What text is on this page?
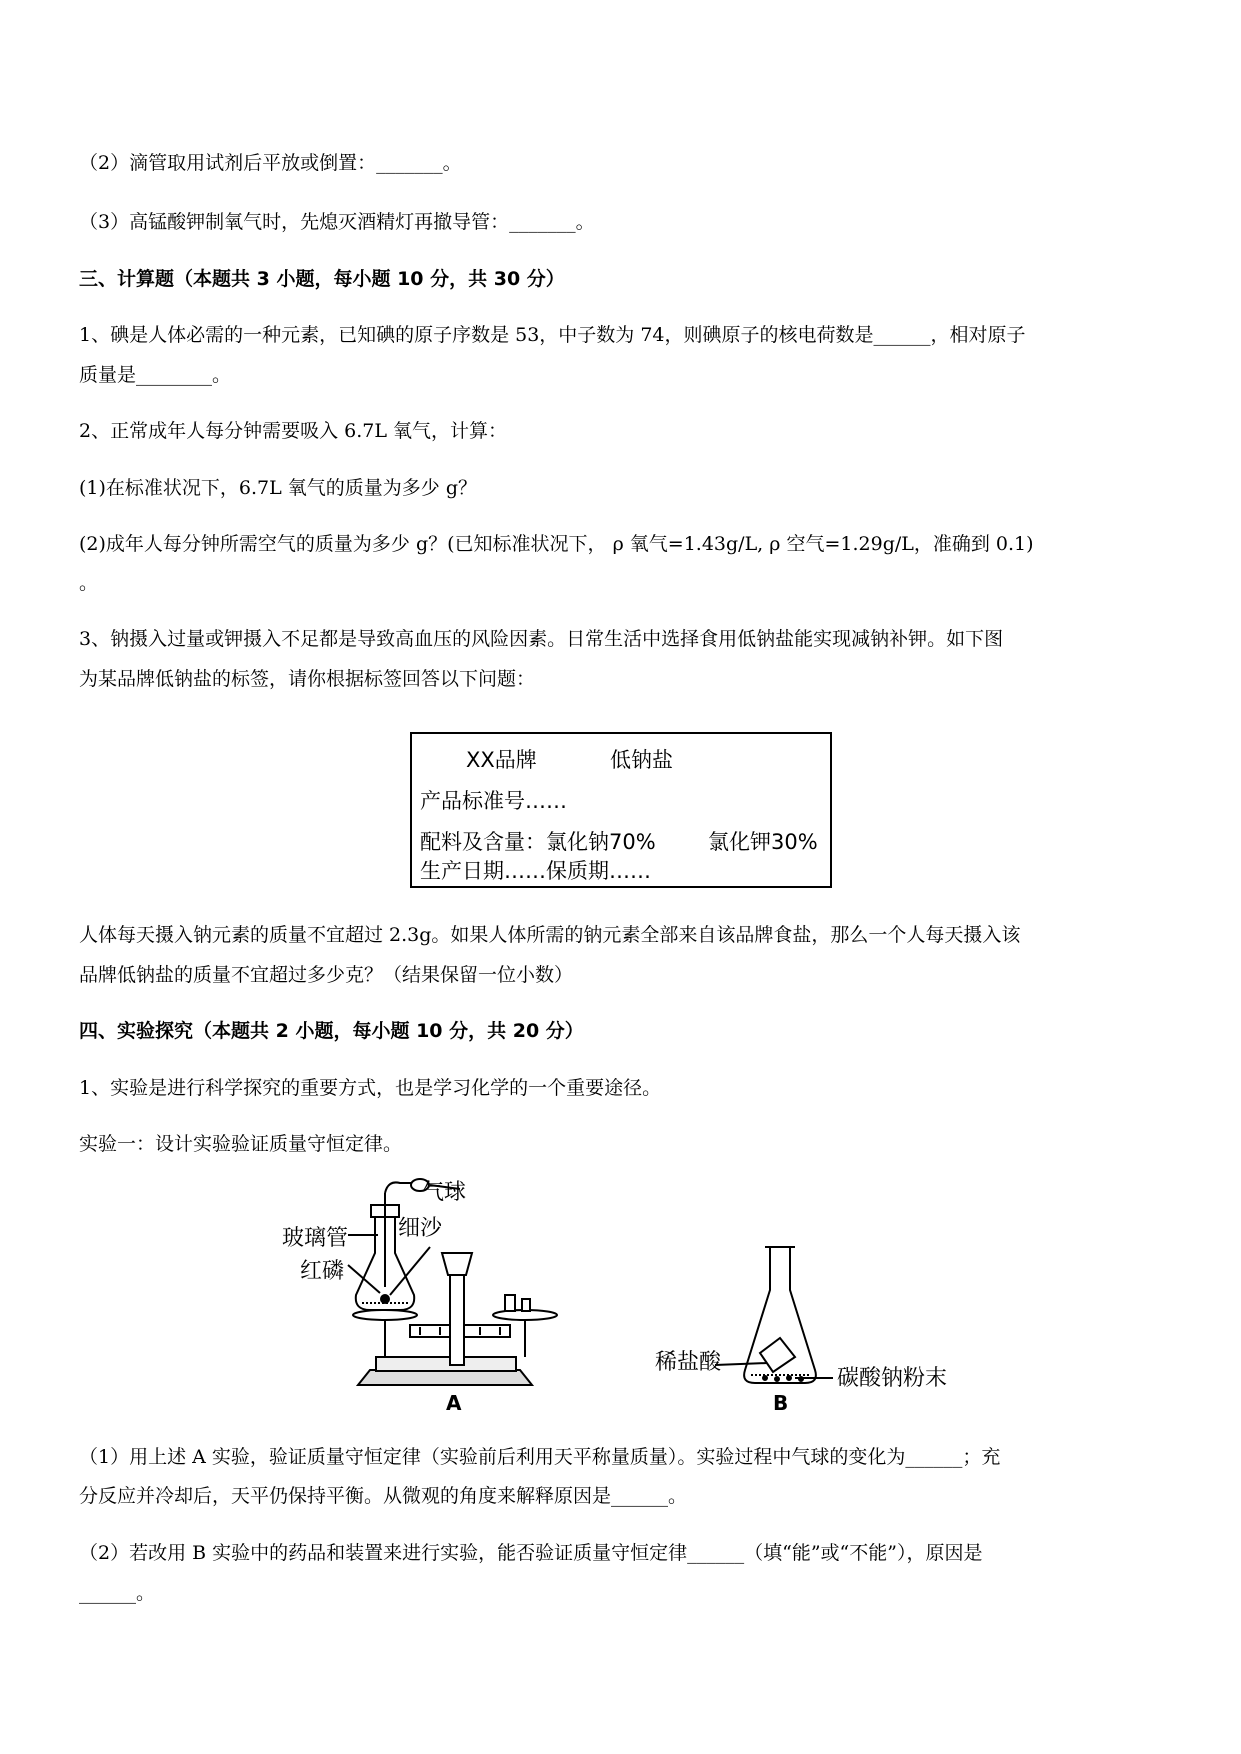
（2）滴管取用试剂后平放或倒置：_______。
（3）高锰酸钾制氧气时，先熄灭酒精灯再撤导管：_______。
三、计算题（本题共 3 小题，每小题 10 分，共 30 分）
1、碘是人体必需的一种元素，已知碘的原子序数是 53，中子数为 74，则碘原子的核电荷数是______，相对原子
质量是________。
2、正常成年人每分钟需要吸入 6.7L 氧气，计算：
(1)在标准状况下，6.7L 氧气的质量为多少 g？
(2)成年人每分钟所需空气的质量为多少 g？(已知标准状况下， ρ 氧气=1.43g/L, ρ 空气=1.29g/L，准确到 0.1)
。
3、钠摄入过量或钾摄入不足都是导致高血压的风险因素。日常生活中选择食用低钠盐能实现减钠补钾。如下图
为某品牌低钠盐的标签，请你根据标签回答以下问题：
XX品牌	低钠盐
产品标准号……
配料及含量：氯化钠70% 氯化钾30%
生产日期……保质期……
人体每天摄入钠元素的质量不宜超过 2.3g。如果人体所需的钠元素全部来自该品牌食盐，那么一个人每天摄入该
品牌低钠盐的质量不宜超过多少克？（结果保留一位小数）
四、实验探究（本题共 2 小题，每小题 10 分，共 20 分）
1、实验是进行科学探究的重要方式，也是学习化学的一个重要途径。
实验一：设计实验验证质量守恒定律。
气球
细沙
玻璃管
红磷
A
稀盐酸
碳酸钠粉末
B
（1）用上述 A 实验，验证质量守恒定律（实验前后利用天平称量质量）。实验过程中气球的变化为______；充
分反应并冷却后，天平仍保持平衡。从微观的角度来解释原因是______。
（2）若改用 B 实验中的药品和装置来进行实验，能否验证质量守恒定律______（填“能”或“不能”），原因是
______。
